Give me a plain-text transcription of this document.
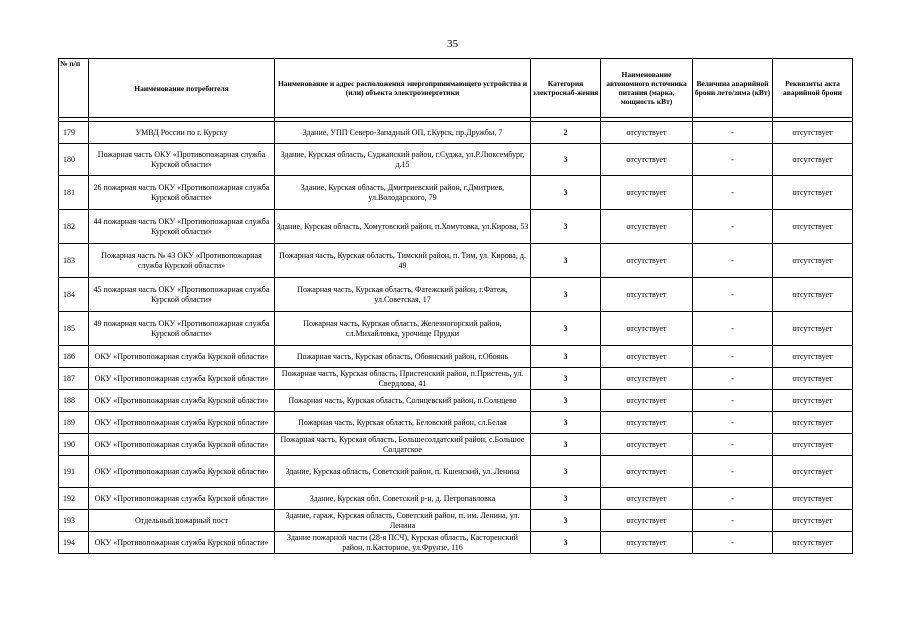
35
№ п/п	Наименование потребителя	Наименование и адрес расположения энергопринимающего устройства и (или) объекта электроэнергетики	Категория электроснаб-жения	Наименование автономного источника питания (марка, мощность кВт)	Величина аварийной брони лето/зима (кВт)	Реквизиты акта аварийной брони

179	УМВД России по г. Курску	Здание, УПП Северо-Западный ОП, г.Курск, пр.Дружбы, 7	2	отсутствует	-	отсутствует
180	Пожарная часть ОКУ «Противопожарная служба Курской области»	Здание, Курская область, Суджанский район, г.Суджа, ул.Р.Люксембург, д.15	3	отсутствует	-	отсутствует
181	26 пожарная часть ОКУ «Противопожарная служба Курской области»	Здание, Курская область, Дмитриевский район, г.Дмитриев, ул.Володарского, 79	3	отсутствует	-	отсутствует
182	44 пожарная часть ОКУ «Противопожарная служба Курской области»	Здание, Курская область, Хомутовский район, п.Хомутовка, ул.Кирова, 53	3	отсутствует	-	отсутствует
183	Пожарная часть № 43 ОКУ «Противопожарная служба Курской области»	Пожарная часть, Курская область, Тимский район, п. Тим, ул. Кирова, д. 49	3	отсутствует	-	отсутствует
184	45 пожарная часть ОКУ «Противопожарная служба Курской области»	Пожарная часть, Курская область, Фатежский район, г.Фатеж, ул.Советская, 17	3	отсутствует	-	отсутствует
185	49 пожарная часть ОКУ «Противопожарная служба Курской области»	Пожарная часть, Курская область, Железногорский район, сл.Михайловка, урочище Прудки	3	отсутствует	-	отсутствует
186	ОКУ «Противопожарная служба Курской области»	Пожарная часть, Курская область, Обоянский район, г.Обоянь	3	отсутствует	-	отсутствует
187	ОКУ «Противопожарная служба Курской области»	Пожарная часть, Курская область, Пристенский район, п.Пристень, ул. Свердлова, 41	3	отсутствует	-	отсутствует
188	ОКУ «Противопожарная служба Курской области»	Пожарная часть, Курская область, Солнцевский район, п.Солнцево	3	отсутствует	-	отсутствует
189	ОКУ «Противопожарная служба Курской области»	Пожарная часть, Курская область, Беловский район, сл.Белая	3	отсутствует	-	отсутствует
190	ОКУ «Противопожарная служба Курской области»	Пожарная часть, Курская область, Большесолдатский район, с.Большое Солдатское	3	отсутствует	-	отсутствует
191	ОКУ «Противопожарная служба Курской области»	Здание, Курская область, Советский район, п. Кшенский, ул. Ленина	3	отсутствует	-	отсутствует
192	ОКУ «Противопожарная служба Курской области»	Здание, Курская обл. Советский р-н, д. Петропавловка	3	отсутствует	-	отсутствует
193	Отдельный пожарный пост	Здание, гараж, Курская область, Советский район, п. им. Ленина, ул. Ленина	3	отсутствует	-	отсутствует
194	ОКУ «Противопожарная служба Курской области»	Здание пожарной части (28-я ПСЧ), Курская область, Касторенский район, п.Касторное, ул.Фрунзе, 116	3	отсутствует	-	отсутствует
